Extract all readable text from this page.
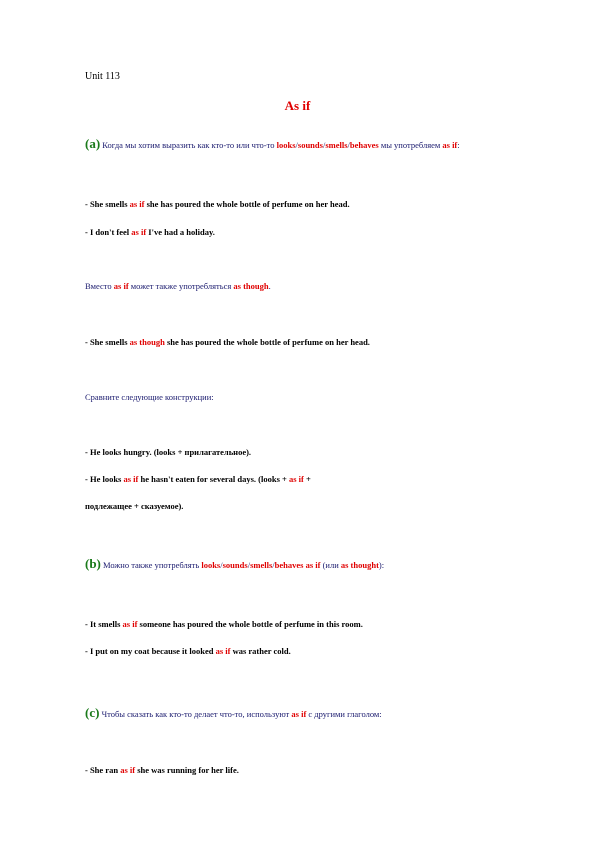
Unit 113
As if
(a) Когда мы хотим выразить как кто-то или что-то looks/sounds/smells/behaves мы употребляем as if:
- She smells as if she has poured the whole bottle of perfume on her head.
- I don't feel as if I've had a holiday.
Вместо as if может также употребляться as though.
- She smells as though she has poured the whole bottle of perfume on her head.
Сравните следующие конструкции:
- He looks hungry. (looks + прилагательное).
- He looks as if he hasn't eaten for several days. (looks + as if +
подлежащее + сказуемое).
(b) Можно также употреблять looks/sounds/smells/behaves as if (или as thought):
- It smells as if someone has poured the whole bottle of perfume in this room.
- I put on my coat because it looked as if was rather cold.
(c) Чтобы сказать как кто-то делает что-то, используют as if с другими глаголом:
- She ran as if she was running for her life.
